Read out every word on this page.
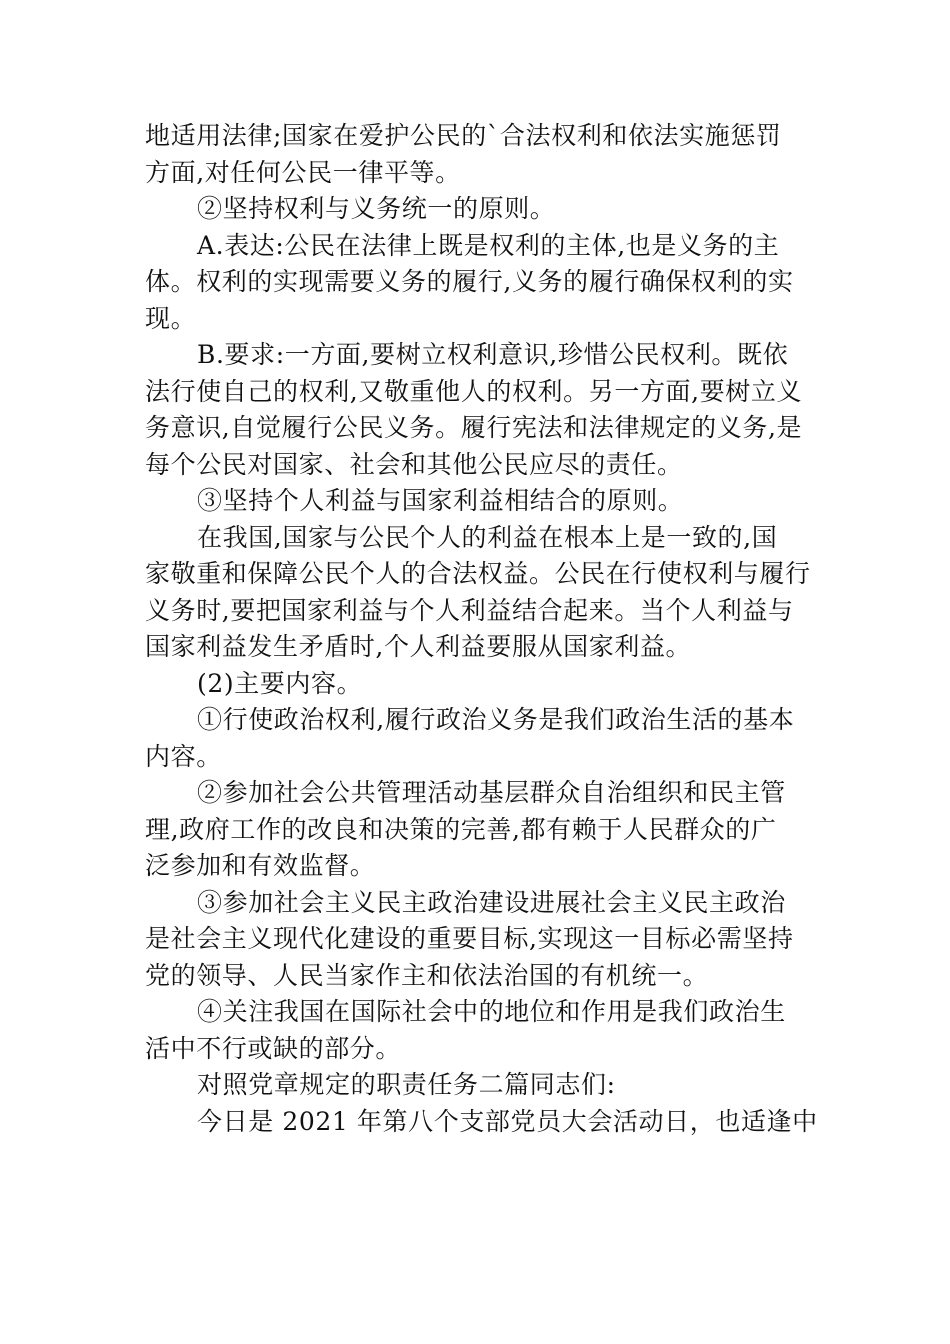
地适用法律;国家在爱护公民的`合法权利和依法实施惩罚
方面,对任何公民一律平等。
②坚持权利与义务统一的原则。
A.表达:公民在法律上既是权利的主体,也是义务的主
体。权利的实现需要义务的履行,义务的履行确保权利的实
现。
B.要求:一方面,要树立权利意识,珍惜公民权利。既依
法行使自己的权利,又敬重他人的权利。另一方面,要树立义
务意识,自觉履行公民义务。履行宪法和法律规定的义务,是
每个公民对国家、社会和其他公民应尽的责任。
③坚持个人利益与国家利益相结合的原则。
在我国,国家与公民个人的利益在根本上是一致的,国
家敬重和保障公民个人的合法权益。公民在行使权利与履行
义务时,要把国家利益与个人利益结合起来。当个人利益与
国家利益发生矛盾时,个人利益要服从国家利益。
(2)主要内容。
①行使政治权利,履行政治义务是我们政治生活的基本
内容。
②参加社会公共管理活动基层群众自治组织和民主管
理,政府工作的改良和决策的完善,都有赖于人民群众的广
泛参加和有效监督。
③参加社会主义民主政治建设进展社会主义民主政治
是社会主义现代化建设的重要目标,实现这一目标必需坚持
党的领导、人民当家作主和依法治国的有机统一。
④关注我国在国际社会中的地位和作用是我们政治生
活中不行或缺的部分。
对照党章规定的职责任务二篇同志们:
今日是 2021 年第八个支部党员大会活动日，也适逢中
